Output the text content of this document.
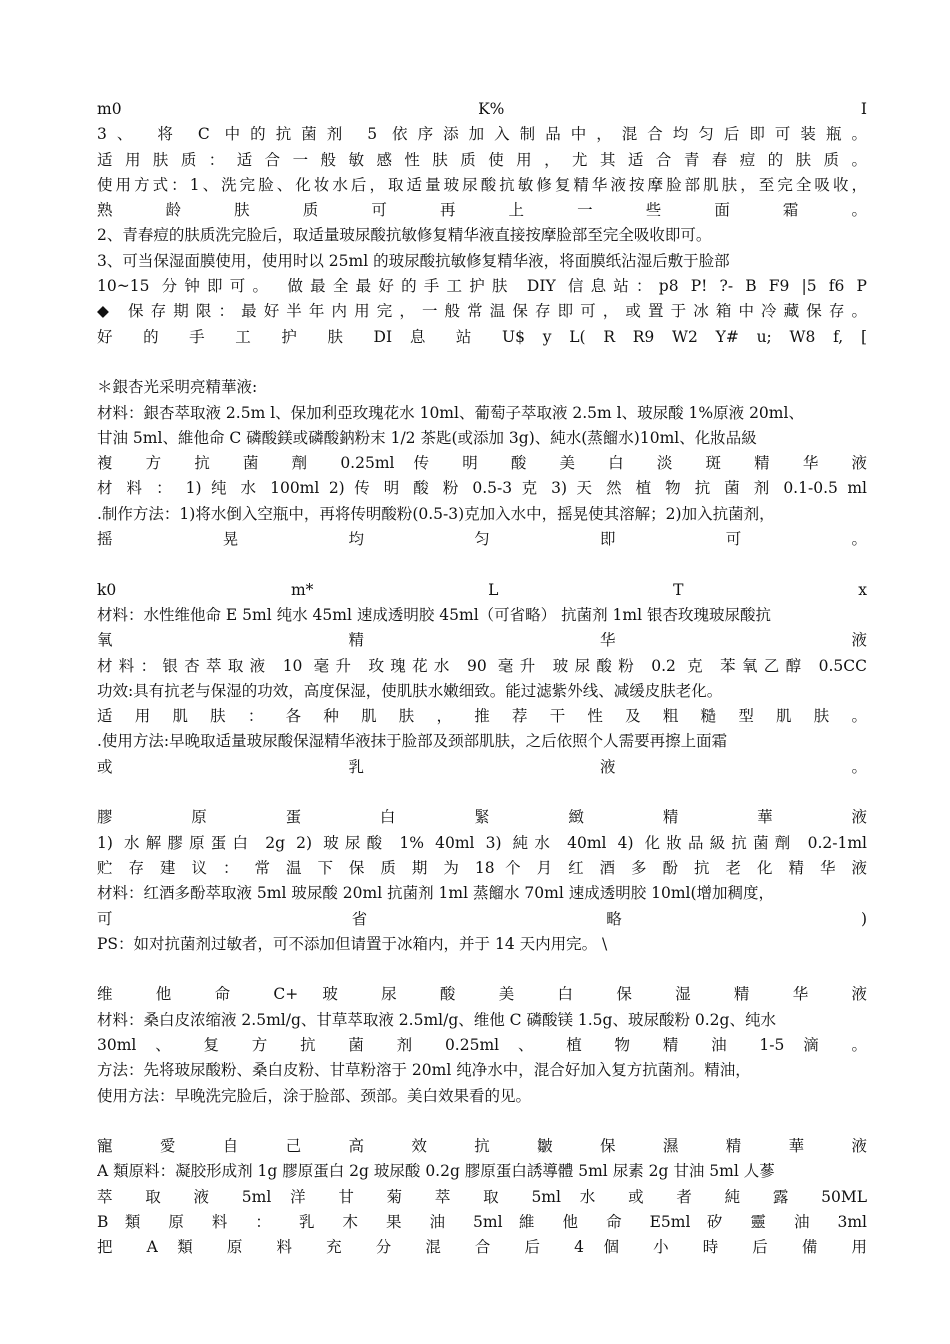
m0 K% I
3、 将 C 中的抗菌剂 5 依序添加入制品中，混合均匀后即可装瓶。
适用肤质：适合一般敏感性肤质使用，尤其适合青春痘的肤质。
使用方式：1、洗完脸、化妆水后，取适量玻尿酸抗敏修复精华液按摩脸部肌肤，至完全吸收，
熟 龄 肤 质 可 再 上 一 些 面 霜 。
2、青春痘的肤质洗完脸后，取适量玻尿酸抗敏修复精华液直接按摩脸部至完全吸收即可。
3、可当保湿面膜使用，使用时以 25ml 的玻尿酸抗敏修复精华液，将面膜纸沾湿后敷于脸部
10~15 分钟即可。 做最全最好的手工护肤 DIY 信息站：p8 P! ?- B F9 |5 f6 P
◆ 保存期限：最好半年内用完，一般常温保存即可，或置于冰箱中冷藏保存。
好 的 手 工 护 肤 DI 息 站 U$ y L( R R9 W2 Y# u; W8 f, [
＊銀杏光采明亮精華液:
材料：銀杏萃取液 2.5m l、保加利亞玫瑰花水 10ml、葡萄子萃取液 2.5m l、玻尿酸 1%原液 20ml、
甘油 5ml、維他命 C 磷酸鎂或磷酸鈉粉末 1/2 茶匙(或添加 3g)、純水(蒸餾水)10ml、化妝品級
複 方 抗 菌 劑 0.25ml 传 明 酸 美 白 淡 斑 精 华 液
材 料 ： 1) 纯 水 100ml 2) 传 明 酸 粉 0.5-3 克 3) 天 然 植 物 抗 菌 剂 0.1-0.5 ml
.制作方法：1)将水倒入空瓶中，再将传明酸粉(0.5-3)克加入水中，摇晃使其溶解；2)加入抗菌剂，
摇 晃 均 匀 即 可 。
k0 m* L T x
材料：水性维他命 E 5ml 纯水 45ml 速成透明胶 45ml（可省略） 抗菌剂 1ml 银杏玫瑰玻尿酸抗
氧 精 华 液
材料：银杏萃取液 10 毫升 玫瑰花水 90 毫升 玻尿酸粉 0.2 克 苯氧乙醇 0.5CC
功效:具有抗老与保湿的功效，高度保湿，使肌肤水嫩细致。能过滤紫外线、减缓皮肤老化。
适 用 肌 肤 ： 各 种 肌 肤 ， 推 荐 干 性 及 粗 糙 型 肌 肤 。
.使用方法:早晚取适量玻尿酸保湿精华液抹于脸部及颈部肌肤，之后依照个人需要再擦上面霜
或 乳 液 。
膠 原 蛋 白 緊 緻 精 華 液
1) 水解膠原蛋白 2g 2) 玻尿酸 1% 40ml 3) 純水 40ml 4) 化妝品級抗菌劑 0.2-1ml
贮 存 建 议 ： 常 温 下 保 质 期 为 18 个 月 红 酒 多 酚 抗 老 化 精 华 液
材料：红酒多酚萃取液 5ml 玻尿酸 20ml 抗菌剂 1ml 蒸餾水 70ml 速成透明胶 10ml(增加稠度，
可 省 略 )
PS：如对抗菌剂过敏者，可不添加但请置于冰箱内，并于 14 天内用完。 \
维 他 命 C+ 玻 尿 酸 美 白 保 湿 精 华 液
材料：桑白皮浓缩液 2.5ml/g、甘草萃取液 2.5ml/g、维他 C 磷酸镁 1.5g、玻尿酸粉 0.2g、纯水
30ml 、 复 方 抗 菌 剂 0.25ml 、 植 物 精 油 1-5 滴 。
方法：先将玻尿酸粉、桑白皮粉、甘草粉溶于 20ml 纯净水中，混合好加入复方抗菌剂。精油，
使用方法：早晚洗完脸后，涂于脸部、颈部。美白效果看的见。
寵 愛 自 己 高 效 抗 皺 保 濕 精 華 液
A 類原料：凝胶形成剂 1g 膠原蛋白 2g 玻尿酸 0.2g 膠原蛋白誘導體 5ml 尿素 2g 甘油 5ml 人蔘
萃 取 液 5ml 洋 甘 菊 萃 取 5ml 水 或 者 純 露 50ML
B 類 原 料 ： 乳 木 果 油 5ml 維 他 命 E5ml 矽 靈 油 3ml
把 A 類 原 料 充 分 混 合 后 4 個 小 時 后 備 用
